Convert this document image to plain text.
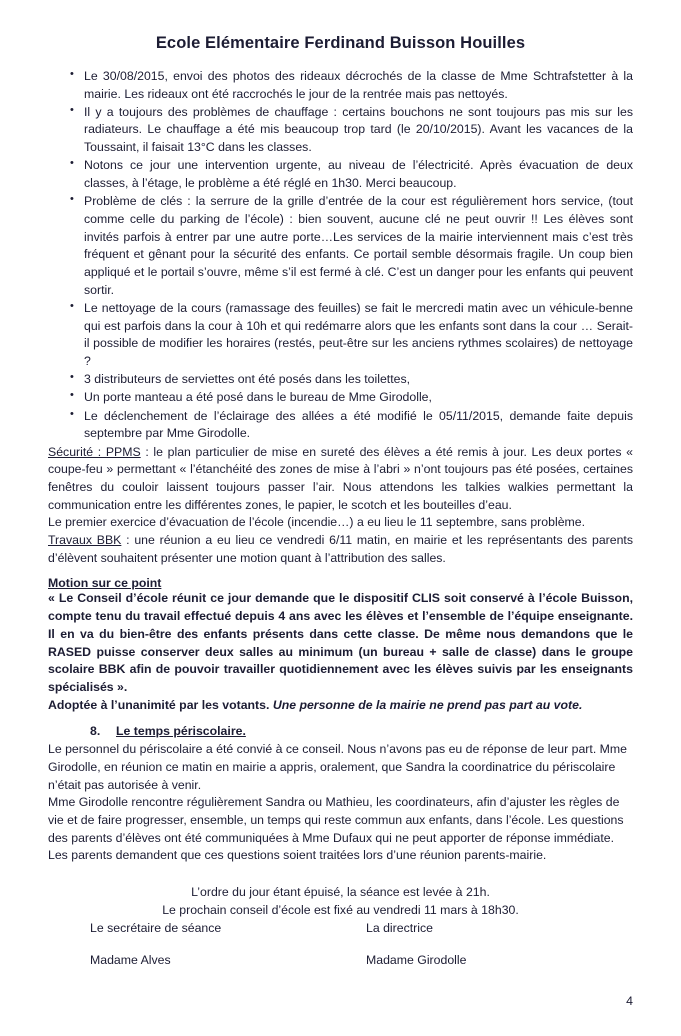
Ecole Elémentaire Ferdinand Buisson Houilles
• Le 30/08/2015, envoi des photos des rideaux décrochés de la classe de Mme Schtrafstetter à la mairie. Les rideaux ont été raccrochés le jour de la rentrée mais pas nettoyés.
• Il y a toujours des problèmes de chauffage : certains bouchons ne sont toujours pas mis sur les radiateurs. Le chauffage a été mis beaucoup trop tard (le 20/10/2015). Avant les vacances de la Toussaint, il faisait 13°C dans les classes.
• Notons ce jour une intervention urgente, au niveau de l’électricité. Après évacuation de deux classes, à l’étage, le problème a été réglé en 1h30. Merci beaucoup.
• Problème de clés : la serrure de la grille d’entrée de la cour est régulièrement hors service, (tout comme celle du parking de l’école) : bien souvent, aucune clé ne peut ouvrir !! Les élèves sont invités parfois à entrer par une autre porte…Les services de la mairie interviennent mais c’est très fréquent et gênant pour la sécurité des enfants. Ce portail semble désormais fragile. Un coup bien appliqué et le portail s’ouvre, même s’il est fermé à clé. C’est un danger pour les enfants qui peuvent sortir.
• Le nettoyage de la cours (ramassage des feuilles) se fait le mercredi matin avec un véhicule-benne qui est parfois dans la cour à 10h et qui redémarre alors que les enfants sont dans la cour … Serait-il possible de modifier les horaires (restés, peut-être sur les anciens rythmes scolaires) de nettoyage ?
• 3 distributeurs de serviettes ont été posés dans les toilettes,
• Un porte manteau a été posé dans le bureau de Mme Girodolle,
• Le déclenchement de l’éclairage des allées a été modifié le 05/11/2015, demande faite depuis septembre par Mme Girodolle.

Sécurité : PPMS : le plan particulier de mise en sureté des élèves a été remis à jour. Les deux portes « coupe-feu » permettant « l’étanchéité des zones de mise à l’abri » n’ont toujours pas été posées, certaines fenêtres du couloir laissent toujours passer l’air. Nous attendons les talkies walkies permettant la communication entre les différentes zones, le papier, le scotch et les bouteilles d’eau.

Le premier exercice d’évacuation de l’école (incendie…) a eu lieu le 11 septembre, sans problème.

Travaux BBK : une réunion a eu lieu ce vendredi 6/11 matin, en mairie et les représentants des parents d’élèvent souhaitent présenter une motion quant à l’attribution des salles.

Motion sur ce point

« Le Conseil d’école réunit ce jour demande que le dispositif CLIS soit conservé à l’école Buisson, compte tenu du travail effectué depuis 4 ans avec les élèves et l’ensemble de l’équipe enseignante. Il en va du bien-être des enfants présents dans cette classe. De même nous demandons que le RASED puisse conserver deux salles au minimum (un bureau + salle de classe) dans le groupe scolaire BBK afin de pouvoir travailler quotidiennement avec les élèves suivis par les enseignants spécialisés ».

Adoptée à l’unanimité par les votants. Une personne de la mairie ne prend pas part au vote.

8. Le temps périscolaire.

Le personnel du périscolaire a été convié à ce conseil. Nous n’avons pas eu de réponse de leur part. Mme Girodolle, en réunion ce matin en mairie a appris, oralement, que Sandra la coordinatrice du périscolaire n’était pas autorisée à venir.

Mme Girodolle rencontre régulièrement Sandra ou Mathieu, les coordinateurs, afin d’ajuster les règles de vie et de faire progresser, ensemble, un temps qui reste commun aux enfants, dans l’école. Les questions des parents d’élèves ont été communiquées à Mme Dufaux qui ne peut apporter de réponse immédiate. Les parents demandent que ces questions soient traitées lors d’une réunion parents-mairie.

L’ordre du jour étant épuisé, la séance est levée à 21h.

Le prochain conseil d’école est fixé au vendredi 11 mars à 18h30.

Le secrétaire de séance	La directrice
Madame Alves	Madame Girodolle
4
